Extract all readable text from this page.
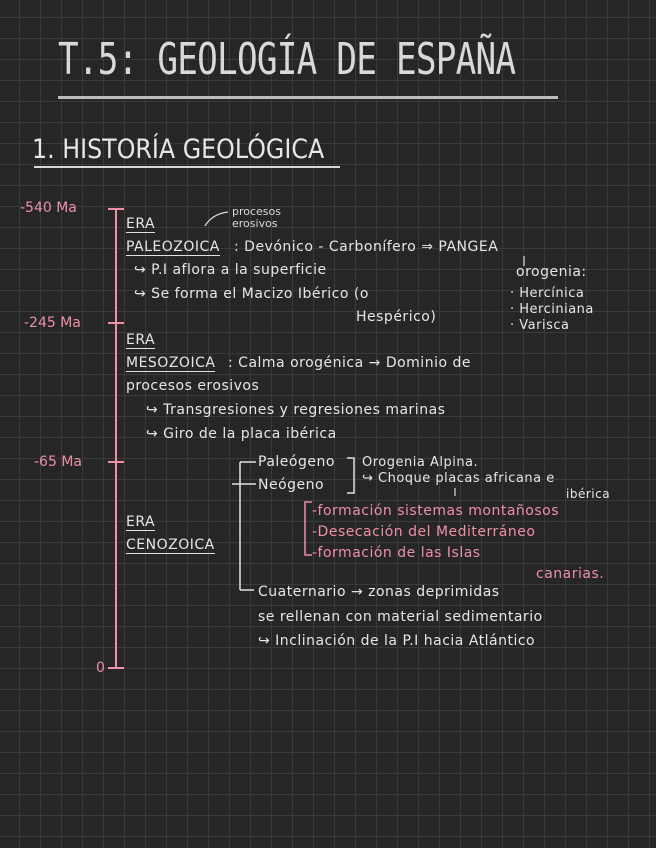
T.5: GEOLOGÍA DE ESPAÑA
1. HISTORÍA GEOLÓGICA
-540 Ma
-245 Ma
-65 Ma
0
procesos erosivos
ERA
PALEOZOICA : Devónico - Carbonífero ⇒ PANGEA
↪ P.I aflora a la superficie
↪ Se forma el Macizo Ibérico (o
Hespérico)
orogenia:
· Hercínica
· Herciniana
· Varisca
ERA
MESOZOICA : Calma orogénica → Dominio de
procesos erosivos
↪ Transgresiones y regresiones marinas
↪ Giro de la placa ibérica
Paleógeno
Neógeno
Orogenia Alpina.
↪ Choque placas africana e
ibérica
ERA
CENOZOICA
-formación sistemas montañosos
-Desecación del Mediterráneo
-formación de las Islas
canarias.
Cuaternario → zonas deprimidas
se rellenan con material sedimentario
↪ Inclinación de la P.I hacia Atlántico
